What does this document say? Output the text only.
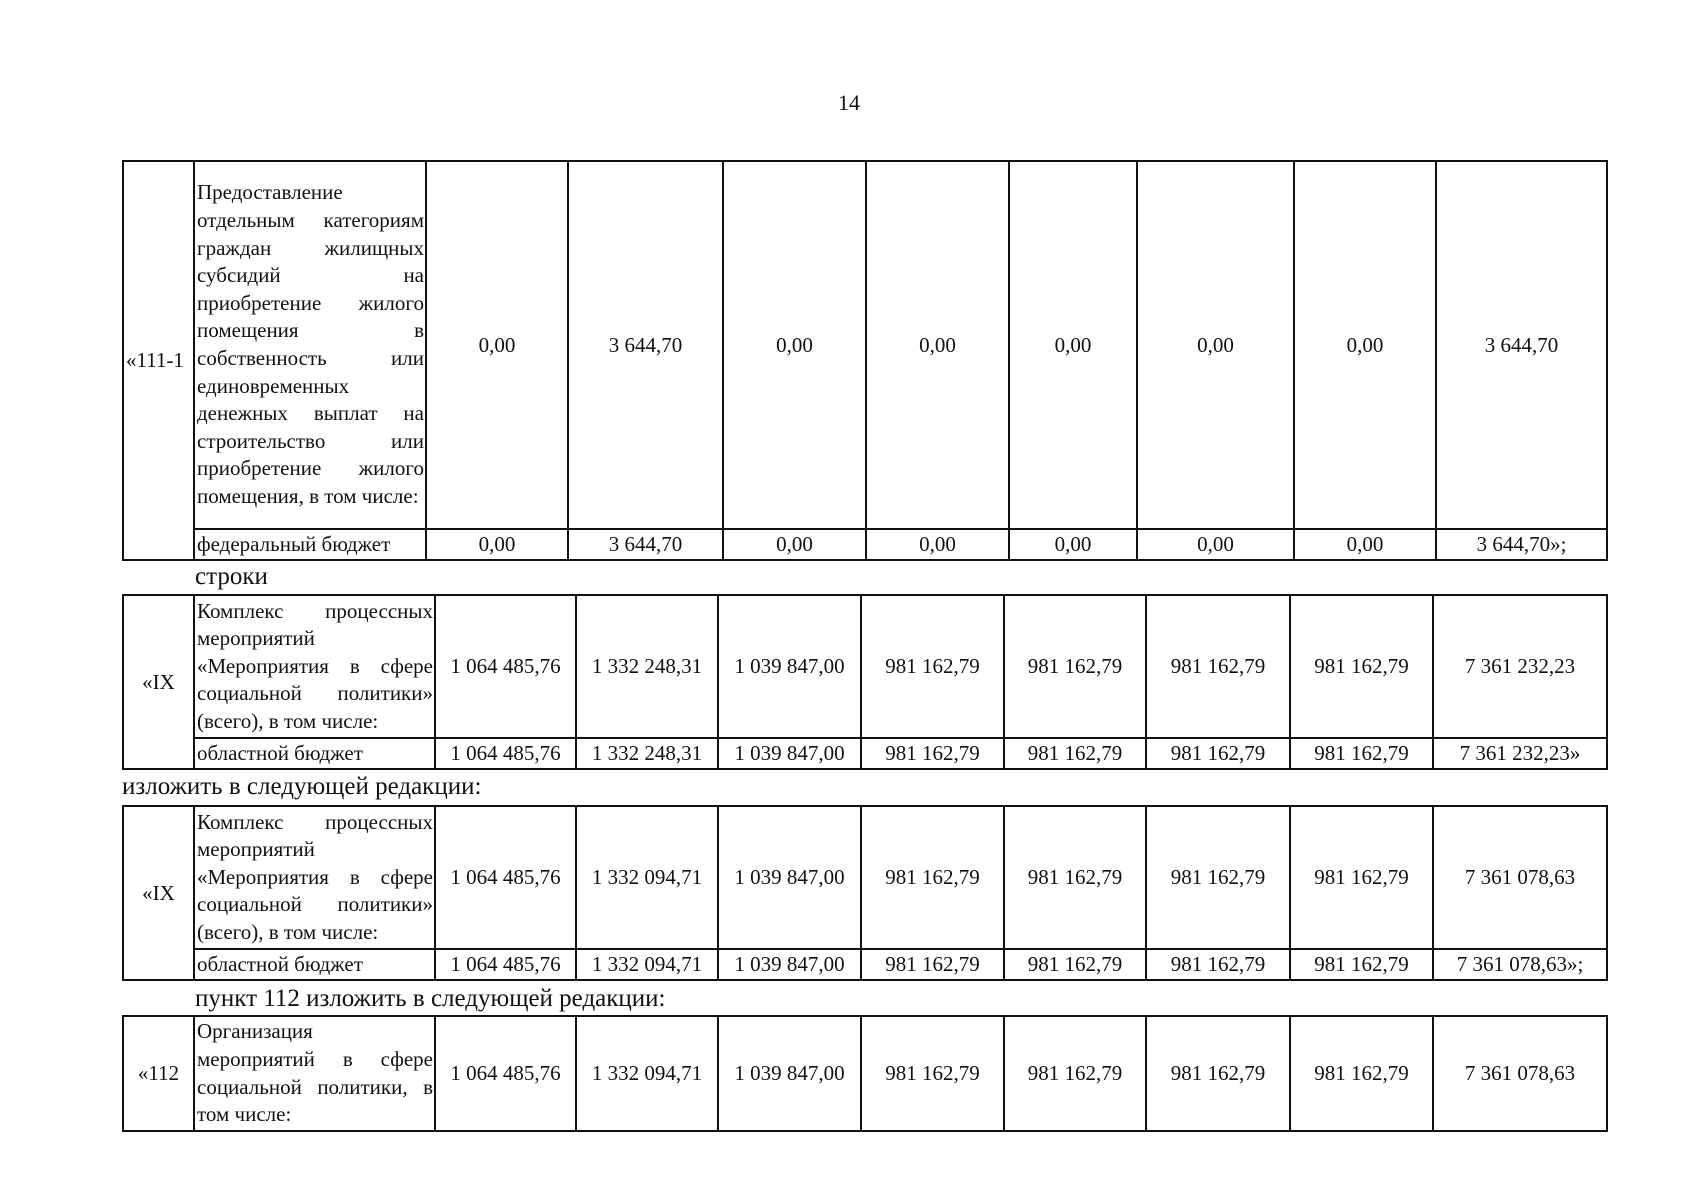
14
«111-1	Предоставление отдельным категориям граждан жилищных субсидий на приобретение жилого помещения в собственность или единовременных денежных выплат на строительство или приобретение жилого помещения, в том числе:	0,00	3 644,70	0,00	0,00	0,00	0,00	0,00	3 644,70
	федеральный бюджет	0,00	3 644,70	0,00	0,00	0,00	0,00	0,00	3 644,70»;
строки
«IX	Комплекс процессных мероприятий «Мероприятия в сфере социальной политики» (всего), в том числе:	1 064 485,76	1 332 248,31	1 039 847,00	981 162,79	981 162,79	981 162,79	981 162,79	7 361 232,23
	областной бюджет	1 064 485,76	1 332 248,31	1 039 847,00	981 162,79	981 162,79	981 162,79	981 162,79	7 361 232,23»
изложить в следующей редакции:
«IX	Комплекс процессных мероприятий «Мероприятия в сфере социальной политики» (всего), в том числе:	1 064 485,76	1 332 094,71	1 039 847,00	981 162,79	981 162,79	981 162,79	981 162,79	7 361 078,63
	областной бюджет	1 064 485,76	1 332 094,71	1 039 847,00	981 162,79	981 162,79	981 162,79	981 162,79	7 361 078,63»;
пункт 112 изложить в следующей редакции:
«112	Организация мероприятий в сфере социальной политики, в том числе:	1 064 485,76	1 332 094,71	1 039 847,00	981 162,79	981 162,79	981 162,79	981 162,79	7 361 078,63
